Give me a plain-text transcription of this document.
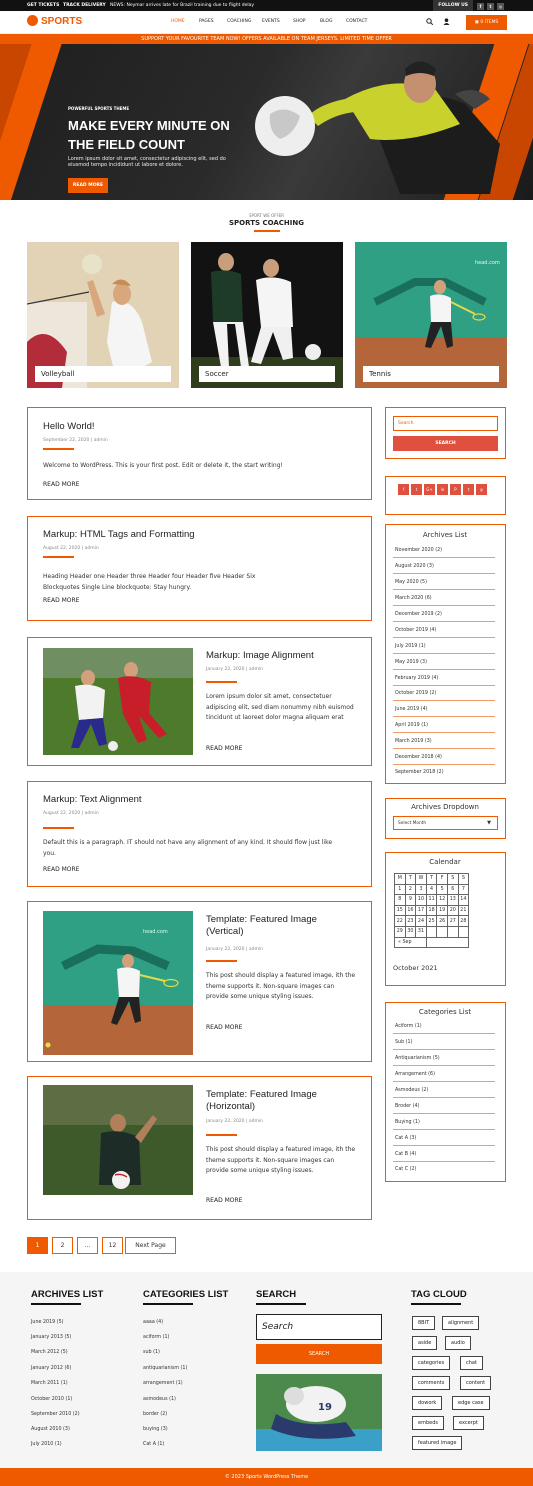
GET TICKETS TRACK DELIVERY NEWS: Neymar arrives late for Brazil training due to flight delay	FOLLOW US	f	t	◎
SPORTS	HOME	PAGES	COACHING EVENTS	SHOP	BLOG	CONTACT	▣ 0 ITEMS
POWERFUL SPORTS THEME
MAKE EVERY MINUTE ON THE FIELD COUNT
Lorem ipsum dolor sit amet, consectetur adipiscing elit, sed do eiusmod tempo incididunt ut labore et dolore.
READ MORE
SUPPORT YOUR FAVOURITE TEAM NOW! OFFERS AVAILABLE ON TEAM JERSEYS. LIMITED TIME OFFER
SPORT WE OFFER
SPORTS COACHING
Volleyball	Soccer
head.com
Tennis
Hello World!
September 22, 2020 | admin
Welcome to WordPress. This is your first post. Edit or delete it, the start writing!
READ MORE
Markup: HTML Tags and Formatting
August 22, 2020 | admin
Heading Header one Header three Header four Header five Header Six Blockquotes Single Line blockquote: Stay hungry.
READ MORE
Markup: Image Alignment
January 22, 2020 | admin
Lorem ipsum dolor sit amet, consectetuer adipiscing elit, sed diam nonummy nibh euismod tincidunt ut laoreet dolor magna aliquam erat
READ MORE
Markup: Text Alignment
August 22, 2020 | admin
Default this is a paragraph. IT should not have any alignment of any kind. It should flow just like you.
READ MORE
head.com
Template: Featured Image (Vertical)
January 22, 2020 | admin
This post should display a featured image, ith the theme supports it. Non-square images can provide some unique styling issues.
READ MORE
Template: Featured Image (Horizontal)
January 22, 2020 | admin
This post should display a featured image, ith the theme supports it. Non-square images can provide some unique styling issues.
READ MORE
Search
SEARCH
f	t	G+	in	P	t	◎
Archives List
November 2020 (2)
August 2020 (3)
May 2020 (5)
March 2020 (6)
December 2019 (2)
October 2019 (4)
July 2019 (1)
May 2019 (3)
February 2019 (4)
October 2019 (2)
June 2019 (4)
April 2019 (1)
March 2019 (3)
December 2018 (4)
September 2018 (2)
Archives Dropdown
Select Month	▼
Calendar
M	T	W	T	F	S	S
1	2	3	4	5	6	7
8	9	10	11	12	13	14
15	16	17	18	19	20	21
22	23	24	25	26	27	28
29	30	31				
« Sep						
October 2021
Categories List
Aciform (1)
Sub (1)
Antiquarianism (5)
Arrangement (6)
Asmodeus (2)
Broder (4)
Buying (1)
Cat A (3)
Cat B (4)
Cat C (2)
1	2	...	12	Next Page
ARCHIVES LIST
June 2019 (5)
January 2013 (5)
March 2012 (5)
January 2012 (6)
March 2011 (1)
October 2010 (1)
September 2010 (2)
August 2010 (3)
July 2010 (1)
CATEGORIES LIST
aaaa (4)
aciform (1)
sub (1)
antiquarianism (1)
arrangement (1)
asmodeus (1)
border (2)
buying (3)
Cat A (1)
SEARCH
Search
SEARCH
19
TAG CLOUD
8BIT	alignment
aside	audio
categories	chat
comments	content
dowork	edge case
embeds	excerpt
featured image
© 2023 Sports WordPress Theme
